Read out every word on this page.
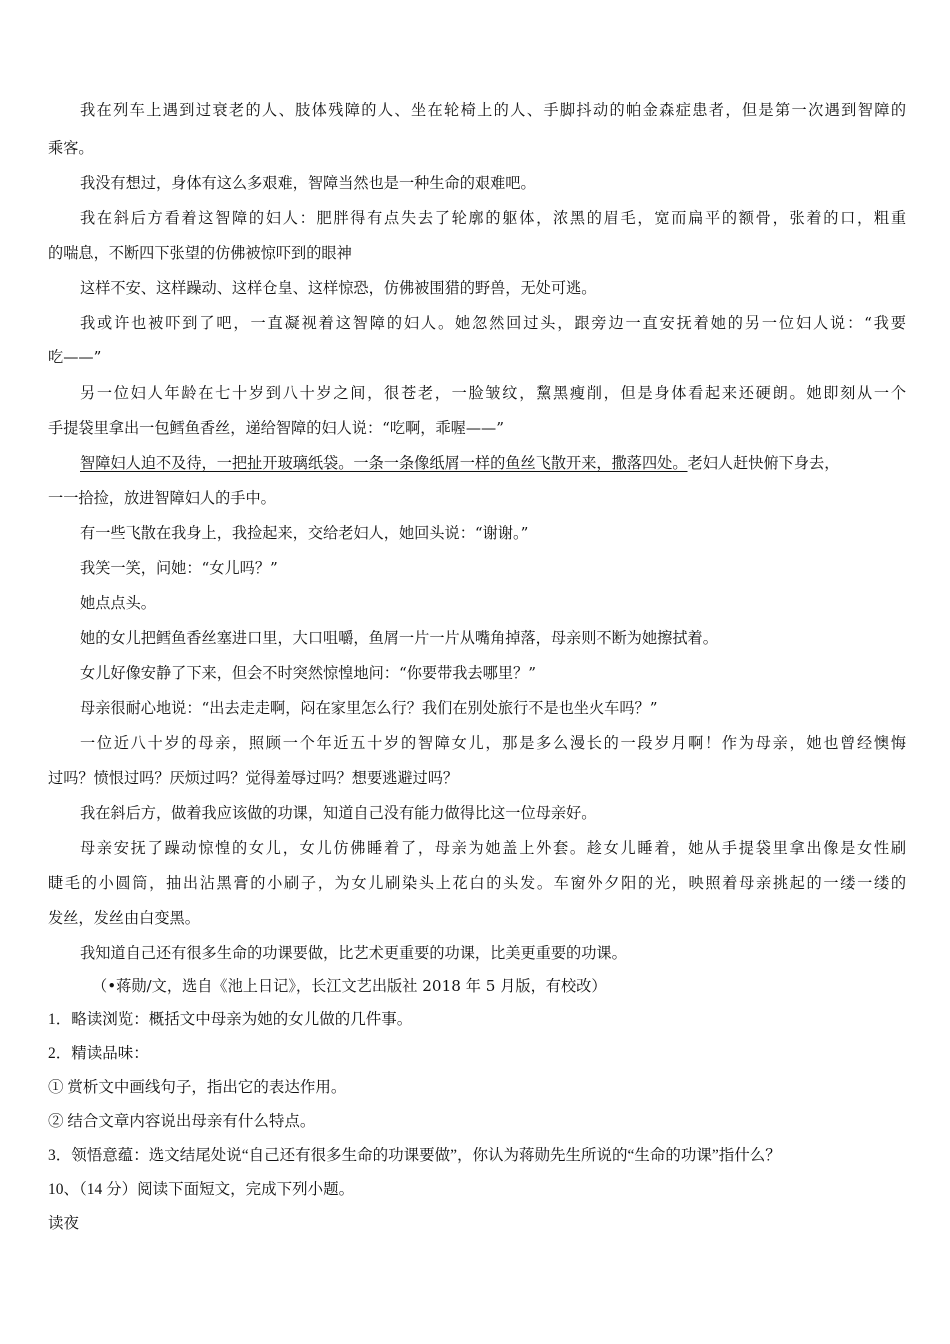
我在列车上遇到过衰老的人、肢体残障的人、坐在轮椅上的人、手脚抖动的帕金森症患者，但是第一次遇到智障的
乘客。
我没有想过，身体有这么多艰难，智障当然也是一种生命的艰难吧。
我在斜后方看着这智障的妇人：肥胖得有点失去了轮廓的躯体，浓黑的眉毛，宽而扁平的额骨，张着的口，粗重
的喘息，不断四下张望的仿佛被惊吓到的眼神
这样不安、这样躁动、这样仓皇、这样惊恐，仿佛被围猎的野兽，无处可逃。
我或许也被吓到了吧，一直凝视着这智障的妇人。她忽然回过头，跟旁边一直安抚着她的另一位妇人说：“我要
吃——”
另一位妇人年龄在七十岁到八十岁之间，很苍老，一脸皱纹，黧黑瘦削，但是身体看起来还硬朗。她即刻从一个
手提袋里拿出一包鳕鱼香丝，递给智障的妇人说：“吃啊，乖喔——”
智障妇人迫不及待，一把扯开玻璃纸袋。一条一条像纸屑一样的鱼丝飞散开来，撒落四处。老妇人赶快俯下身去，
一一拾捡，放进智障妇人的手中。
有一些飞散在我身上，我捡起来，交给老妇人，她回头说：“谢谢。”
我笑一笑，问她：“女儿吗？”
她点点头。
她的女儿把鳕鱼香丝塞进口里，大口咀嚼，鱼屑一片一片从嘴角掉落，母亲则不断为她擦拭着。
女儿好像安静了下来，但会不时突然惊惶地问：“你要带我去哪里？”
母亲很耐心地说：“出去走走啊，闷在家里怎么行？我们在别处旅行不是也坐火车吗？”
一位近八十岁的母亲，照顾一个年近五十岁的智障女儿，那是多么漫长的一段岁月啊！作为母亲，她也曾经懊悔
过吗？愤恨过吗？厌烦过吗？觉得羞辱过吗？想要逃避过吗？
我在斜后方，做着我应该做的功课，知道自己没有能力做得比这一位母亲好。
母亲安抚了躁动惊惶的女儿，女儿仿佛睡着了，母亲为她盖上外套。趁女儿睡着，她从手提袋里拿出像是女性刷
睫毛的小圆筒，抽出沾黑膏的小刷子，为女儿刷染头上花白的头发。车窗外夕阳的光，映照着母亲挑起的一缕一缕的
发丝，发丝由白变黑。
我知道自己还有很多生命的功课要做，比艺术更重要的功课，比美更重要的功课。
（•蒋勋/文，选自《池上日记》，长江文艺出版社 2018 年 5 月版，有校改）
1．略读浏览：概括文中母亲为她的女儿做的几件事。
2．精读品味：
① 赏析文中画线句子，指出它的表达作用。
② 结合文章内容说出母亲有什么特点。
3．领悟意蕴：选文结尾处说“自己还有很多生命的功课要做”，你认为蒋勋先生所说的“生命的功课”指什么？
10、（14 分）阅读下面短文，完成下列小题。
读夜
